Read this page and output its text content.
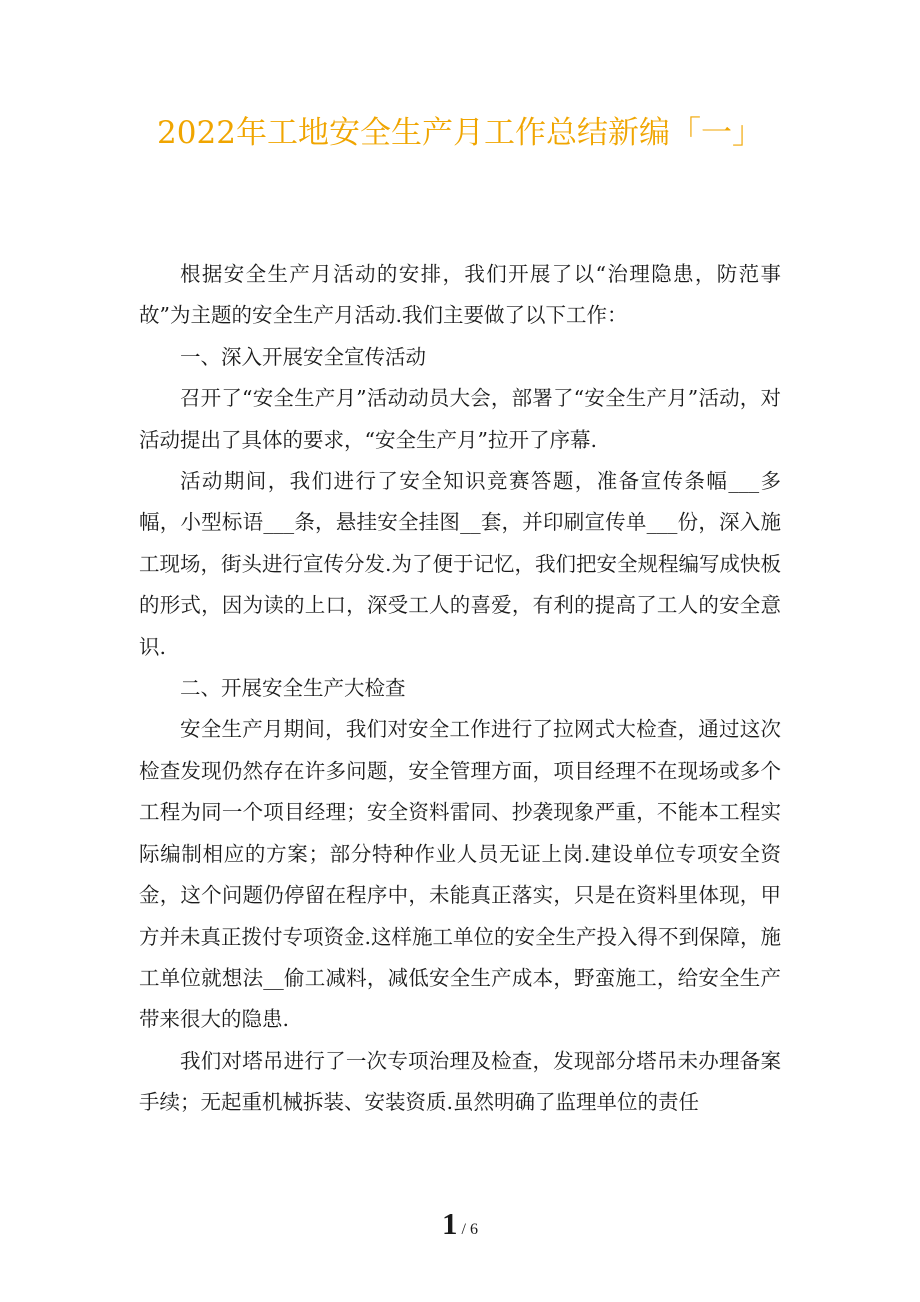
2022年工地安全生产月工作总结新编「一」

根据安全生产月活动的安排，我们开展了以“治理隐患，防范事故”为主题的安全生产月活动.我们主要做了以下工作：

一、深入开展安全宣传活动

召开了“安全生产月”活动动员大会，部署了“安全生产月”活动，对活动提出了具体的要求，“安全生产月”拉开了序幕.

活动期间，我们进行了安全知识竞赛答题，准备宣传条幅___多幅，小型标语___条，悬挂安全挂图__套，并印刷宣传单___份，深入施工现场，街头进行宣传分发.为了便于记忆，我们把安全规程编写成快板的形式，因为读的上口，深受工人的喜爱，有利的提高了工人的安全意识.

二、开展安全生产大检查

安全生产月期间，我们对安全工作进行了拉网式大检查，通过这次检查发现仍然存在许多问题，安全管理方面，项目经理不在现场或多个工程为同一个项目经理；安全资料雷同、抄袭现象严重，不能本工程实际编制相应的方案；部分特种作业人员无证上岗.建设单位专项安全资金，这个问题仍停留在程序中，未能真正落实，只是在资料里体现，甲方并未真正拨付专项资金.这样施工单位的安全生产投入得不到保障，施工单位就想法__偷工减料，减低安全生产成本，野蛮施工，给安全生产带来很大的隐患.

我们对塔吊进行了一次专项治理及检查，发现部分塔吊未办理备案手续；无起重机械拆装、安装资质.虽然明确了监理单位的责任

1 / 6
